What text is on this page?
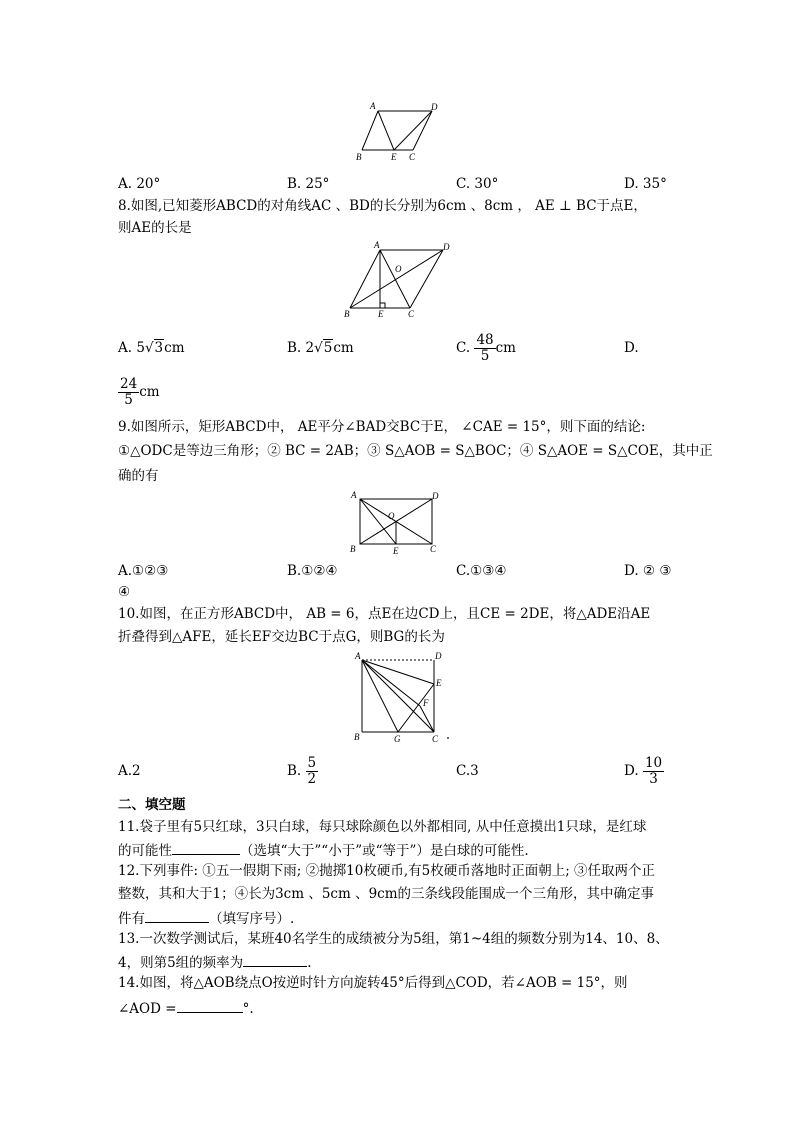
A	D
B	E C
A. 20°	B. 25°	C. 30°	D. 35°
8.如图,已知菱形ABCD的对角线AC 、BD的长分别为6cm 、8cm ， AE ⊥ BC于点E，
则AE的长是
A	D
O
B	E	C
A. 5√3cm	B. 2√5cm	C. $\frac{48}{5}$ cm	D.
$\frac{24}{5}$ cm
9.如图所示，矩形ABCD中， AE平分∠BAD交BC于E， ∠CAE = 15°，则下面的结论:
①△ODC是等边三角形；② BC = 2AB；③ S△AOB = S△BOC；④ S△AOE = S△COE，其中正
确的有
A	D
O
B	E	C
A.①②③	B.①②④	C.①③④	D. ② ③
④
10.如图，在正方形ABCD中， AB = 6，点E在边CD上，且CE = 2DE，将△ADE沿AE
折叠得到△AFE，延长EF交边BC于点G，则BG的长为
A	D
E
F
B	G	C
A.2	B. $\frac{5}{2}$	C.3	D. $\frac{10}{3}$
二、填空题
11.袋子里有5只红球，3只白球，每只球除颜色以外都相同, 从中任意摸出1只球，是红球
的可能性	（选填“大于”“小于”或“等于”）是白球的可能性.
12.下列事件: ①五一假期下雨; ②抛掷10枚硬币,有5枚硬币落地时正面朝上; ③任取两个正
整数，其和大于1；④长为3cm 、5cm 、9cm的三条线段能围成一个三角形，其中确定事
件有	（填写序号）.
13.一次数学测试后，某班40名学生的成绩被分为5组，第1~4组的频数分别为14、10、8、
4，则第5组的频率为	.
14.如图，将△AOB绕点O按逆时针方向旋转45°后得到△COD，若∠AOB = 15°，则
∠AOD =	°.
